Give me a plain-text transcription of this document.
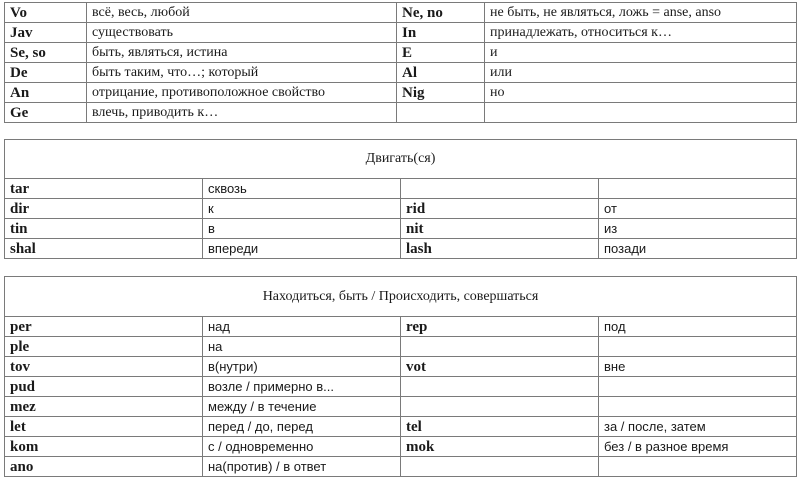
Vo	всё, весь, любой	Ne, no	не быть, не являться, ложь = anse, anso
Jav	существовать	In	принадлежать, относиться к…
Se, so	быть, являться, истина	E	и
De	быть таким, что…; который	Al	или
An	отрицание, противоположное свойство	Nig	но
Ge	влечь, приводить к…		
Двигать(ся)			
tar	сквозь		
dir	к	rid	от
tin	в	nit	из
shal	впереди	lash	позади
Находиться, быть / Происходить, совершаться			
per	над	rep	под
ple	на		
tov	в(нутри)	vot	вне
pud	возле / примерно в...		
mez	между / в течение		
let	перед / до, перед	tel	за / после, затем
kom	с / одновременно	mok	без / в разное время
ano	на(против) / в ответ		
